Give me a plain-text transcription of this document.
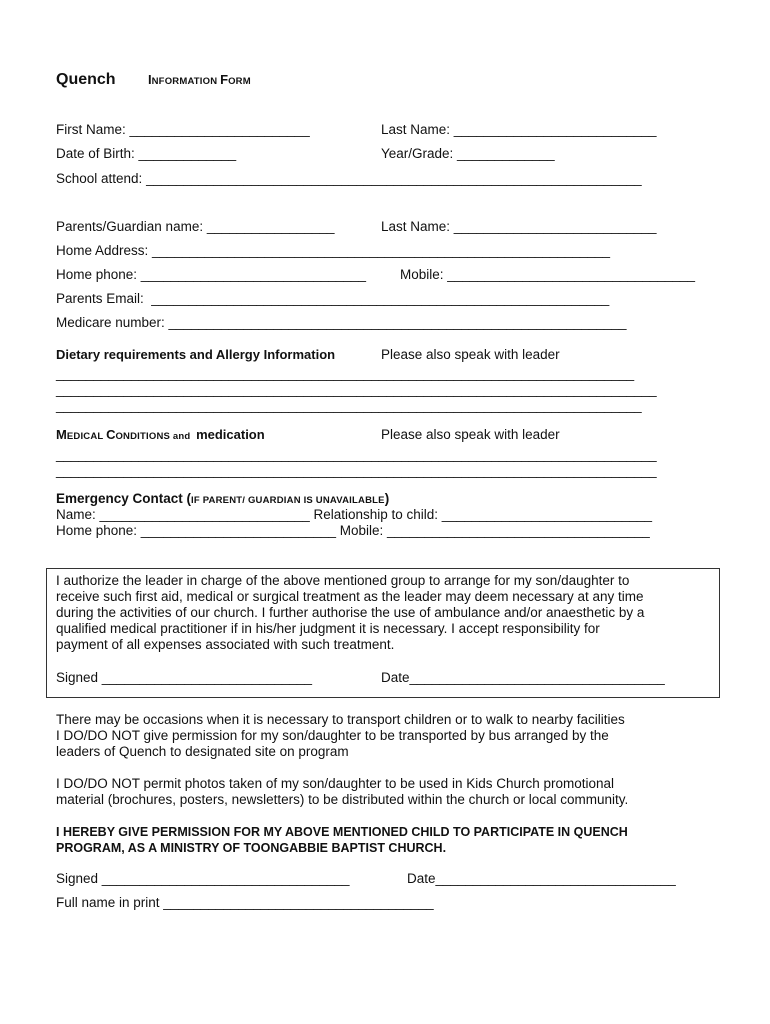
Quench INFORMATION FORM
First Name: ________________________	Last Name: ___________________________
Date of Birth: _____________	Year/Grade: _____________
School attend: __________________________________________________________________
Parents/Guardian name: _________________	Last Name: ___________________________
Home Address: _____________________________________________________________
Home phone: ______________________________	Mobile: _________________________________
Parents Email:  _____________________________________________________________
Medicare number: _____________________________________________________________
Dietary requirements and Allergy Information	Please also speak with leader
_____________________________________________________________________________
________________________________________________________________________________
______________________________________________________________________________
MEDICAL CONDITIONS and  medication	Please also speak with leader
________________________________________________________________________________
________________________________________________________________________________
Emergency Contact (IF PARENT/ GUARDIAN IS UNAVAILABLE)
Name: ____________________________ Relationship to child: ____________________________
Home phone: __________________________ Mobile: ___________________________________
I authorize the leader in charge of the above mentioned group to arrange for my son/daughter to
receive such first aid, medical or surgical treatment as the leader may deem necessary at any time
during the activities of our church. I further authorise the use of ambulance and/or anaesthetic by a
qualified medical practitioner if in his/her judgment it is necessary. I accept responsibility for
payment of all expenses associated with such treatment.
Signed ____________________________	Date__________________________________
There may be occasions when it is necessary to transport children or to walk to nearby facilities
I DO/DO NOT give permission for my son/daughter to be transported by bus arranged by the
leaders of Quench to designated site on program
I DO/DO NOT permit photos taken of my son/daughter to be used in Kids Church promotional
material (brochures, posters, newsletters) to be distributed within the church or local community.
I HEREBY GIVE PERMISSION FOR MY ABOVE MENTIONED CHILD TO PARTICIPATE IN QUENCH
PROGRAM, AS A MINISTRY OF TOONGABBIE BAPTIST CHURCH.
Signed _________________________________	Date________________________________
Full name in print ____________________________________
